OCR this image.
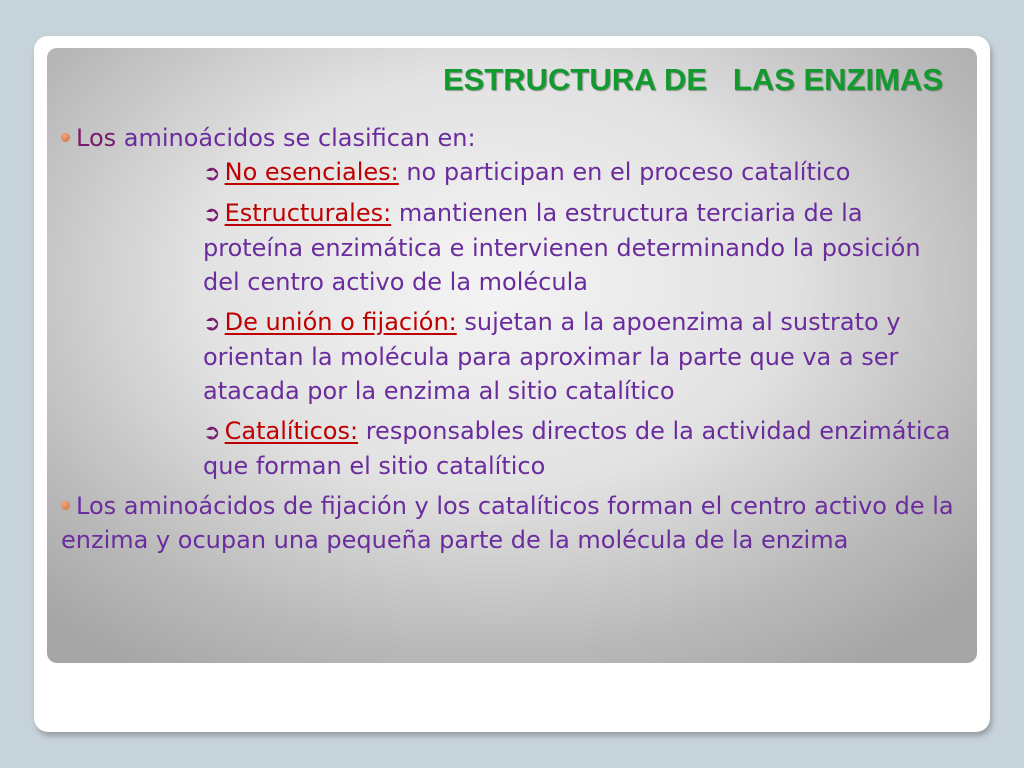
ESTRUCTURA DE   LAS ENZIMAS

Los aminoácidos se clasifican en:

➲ No esenciales: no participan en el proceso catalítico

➲ Estructurales: mantienen la estructura terciaria de la proteína enzimática e intervienen determinando la posición del centro activo de la molécula

➲ De unión o fijación: sujetan a la apoenzima al sustrato y orientan la molécula para aproximar la parte que va a ser atacada por la enzima al sitio catalítico

➲ Catalíticos: responsables directos de la actividad enzimática que forman el sitio catalítico

Los aminoácidos de fijación y los catalíticos forman el centro activo de la enzima y ocupan una pequeña parte de la molécula de la enzima
